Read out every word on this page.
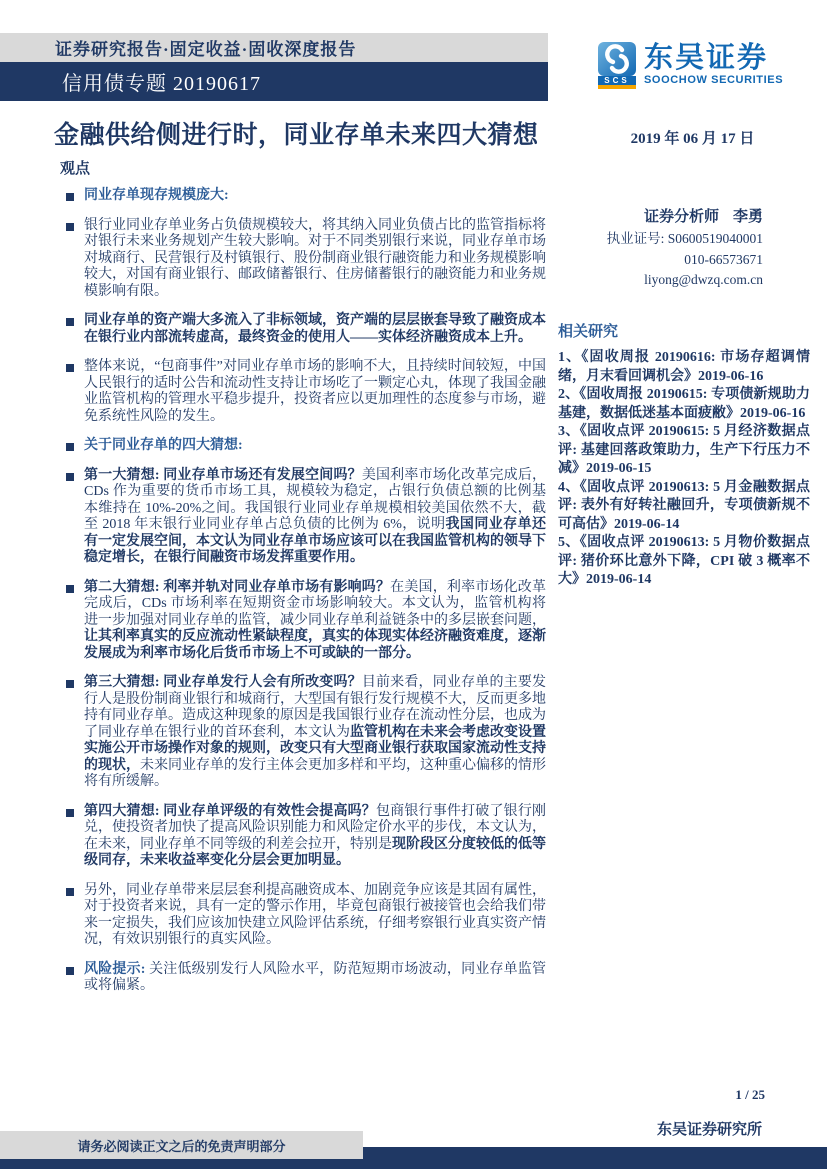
证券研究报告·固定收益·固收深度报告
信用债专题 20190617	SCS
东吴证券
SOOCHOW SECURITIES
金融供给侧进行时，同业存单未来四大猜想	2019 年 06 月 17 日
观点

同业存单现存规模庞大:

银行业同业存单业务占负债规模较大，将其纳入同业负债占比的监管指标将对银行未来业务规划产生较大影响。对于不同类别银行来说，同业存单市场对城商行、民营银行及村镇银行、股份制商业银行融资能力和业务规模影响较大，对国有商业银行、邮政储蓄银行、住房储蓄银行的融资能力和业务规模影响有限。

同业存单的资产端大多流入了非标领域，资产端的层层嵌套导致了融资成本在银行业内部流转虚高，最终资金的使用人——实体经济融资成本上升。

整体来说，“包商事件”对同业存单市场的影响不大，且持续时间较短，中国人民银行的适时公告和流动性支持让市场吃了一颗定心丸，体现了我国金融业监管机构的管理水平稳步提升，投资者应以更加理性的态度参与市场，避免系统性风险的发生。

关于同业存单的四大猜想:

第一大猜想: 同业存单市场还有发展空间吗？美国利率市场化改革完成后，CDs 作为重要的货币市场工具，规模较为稳定，占银行负债总额的比例基本维持在 10%-20%之间。我国银行业同业存单规模相较美国依然不大，截至 2018 年末银行业同业存单占总负债的比例为 6%，说明我国同业存单还有一定发展空间，本文认为同业存单市场应该可以在我国监管机构的领导下稳定增长，在银行间融资市场发挥重要作用。

第二大猜想: 利率并轨对同业存单市场有影响吗？在美国，利率市场化改革完成后，CDs 市场利率在短期资金市场影响较大。本文认为，监管机构将进一步加强对同业存单的监管，减少同业存单利益链条中的多层嵌套问题，让其利率真实的反应流动性紧缺程度，真实的体现实体经济融资难度，逐渐发展成为利率市场化后货币市场上不可或缺的一部分。

第三大猜想: 同业存单发行人会有所改变吗？目前来看，同业存单的主要发行人是股份制商业银行和城商行，大型国有银行发行规模不大，反而更多地持有同业存单。造成这种现象的原因是我国银行业存在流动性分层，也成为了同业存单在银行业的首环套利，本文认为监管机构在未来会考虑改变设置实施公开市场操作对象的规则，改变只有大型商业银行获取国家流动性支持的现状，未来同业存单的发行主体会更加多样和平均，这种重心偏移的情形将有所缓解。

第四大猜想: 同业存单评级的有效性会提高吗？包商银行事件打破了银行刚兑，使投资者加快了提高风险识别能力和风险定价水平的步伐，本文认为，在未来，同业存单不同等级的利差会拉开，特别是现阶段区分度较低的低等级同存，未来收益率变化分层会更加明显。

另外，同业存单带来层层套利提高融资成本、加剧竞争应该是其固有属性，对于投资者来说，具有一定的警示作用，毕竟包商银行被接管也会给我们带来一定损失，我们应该加快建立风险评估系统，仔细考察银行业真实资产情况，有效识别银行的真实风险。

风险提示: 关注低级别发行人风险水平，防范短期市场波动，同业存单监管或将偏紧。

证券分析师 李勇
执业证号: S0600519040001
010-66573671
liyong@dwzq.com.cn
相关研究
1、《固收周报 20190616: 市场存超调情绪，月末看回调机会》2019-06-16
2、《固收周报 20190615: 专项债新规助力基建，数据低迷基本面疲敝》2019-06-16
3、《固收点评 20190615: 5 月经济数据点评: 基建回落政策助力，生产下行压力不减》2019-06-15
4、《固收点评 20190613: 5 月金融数据点评: 表外有好转社融回升，专项债新规不可高估》2019-06-14
5、《固收点评 20190613: 5 月物价数据点评: 猪价环比意外下降，CPI 破 3 概率不大》2019-06-14
1 / 25
东吴证券研究所
请务必阅读正文之后的免责声明部分
